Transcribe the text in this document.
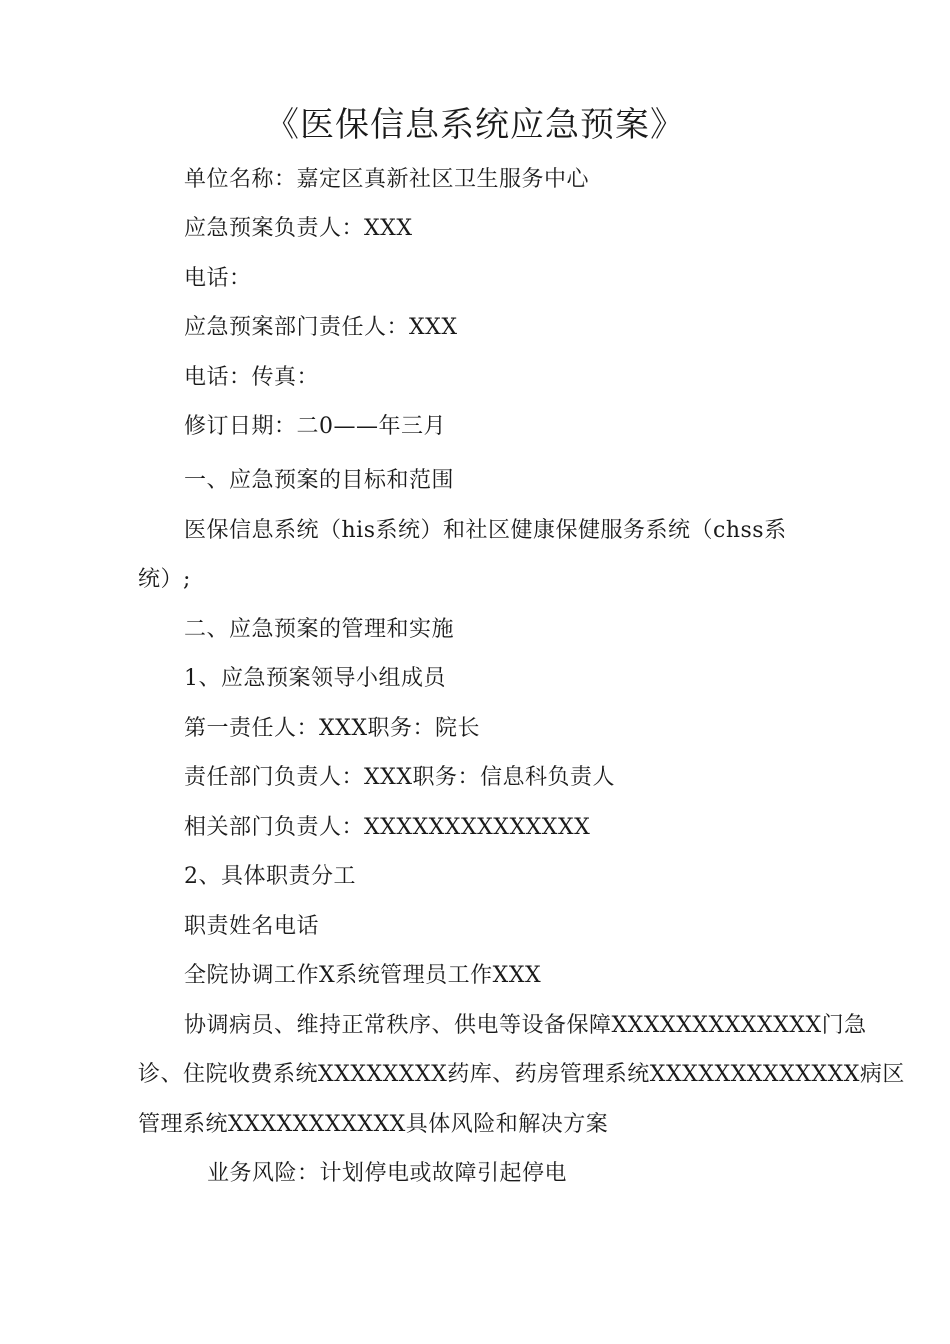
《医保信息系统应急预案》
单位名称：嘉定区真新社区卫生服务中心
应急预案负责人：XXX
电话：
应急预案部门责任人：XXX
电话：传真：
修订日期：二0——年三月
一、应急预案的目标和范围
医保信息系统（his系统）和社区健康保健服务系统（chss系
统）;
二、应急预案的管理和实施
1、应急预案领导小组成员
第一责任人：XXX职务：院长
责任部门负责人：XXX职务：信息科负责人
相关部门负责人：XXXXXXXXXXXXXX
2、具体职责分工
职责姓名电话
全院协调工作X系统管理员工作XXX
协调病员、维持正常秩序、供电等设备保障XXXXXXXXXXXXX门急
诊、住院收费系统XXXXXXXX药库、药房管理系统XXXXXXXXXXXXX病区
管理系统XXXXXXXXXXX具体风险和解决方案
业务风险：计划停电或故障引起停电
